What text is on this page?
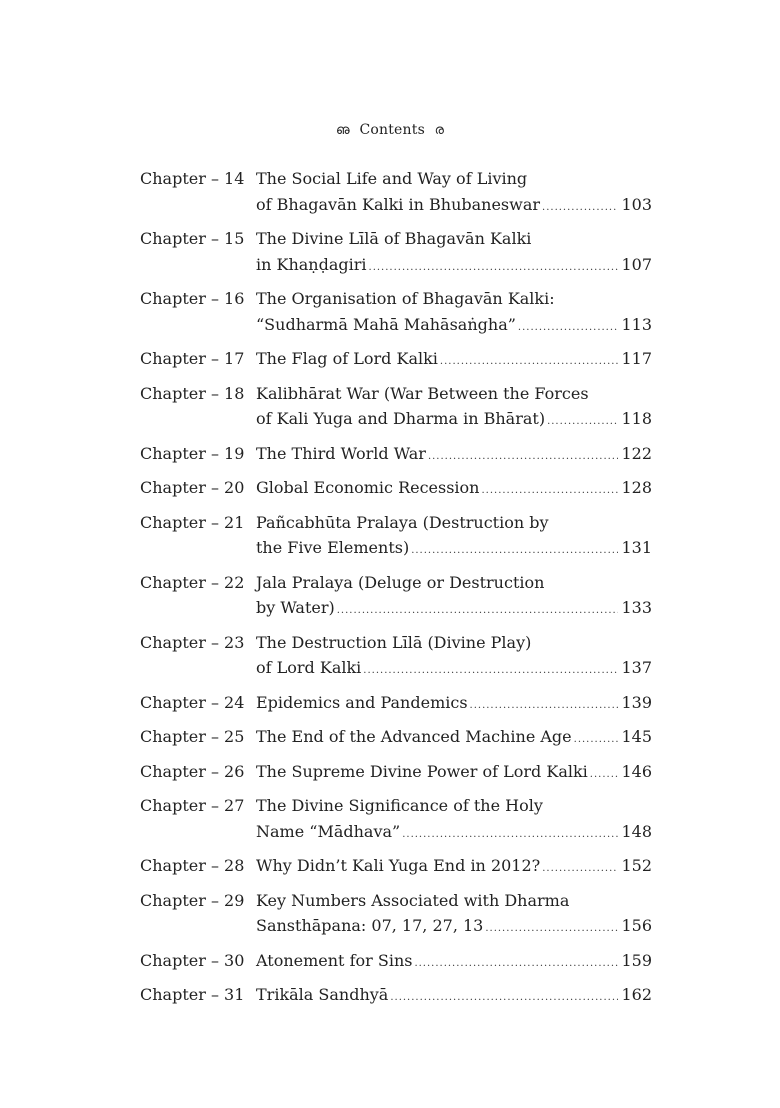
ഌ Contents ര
Chapter – 14 The Social Life and Way of Living
of Bhagavān Kalki in Bhubaneswar .....	103
Chapter – 15 The Divine Līlā of Bhagavān Kalki
in Khaṇḍagiri .....	107
Chapter – 16 The Organisation of Bhagavān Kalki:
“Sudharmā Mahā Mahāsaṅgha” .....	113
Chapter – 17 The Flag of Lord Kalki .....	117
Chapter – 18 Kalibhārat War (War Between the Forces
of Kali Yuga and Dharma in Bhārat) .....	118
Chapter – 19 The Third World War .....	122
Chapter – 20 Global Economic Recession .....	128
Chapter – 21 Pañcabhūta Pralaya (Destruction by
the Five Elements) .....	131
Chapter – 22 Jala Pralaya (Deluge or Destruction
by Water) .....	133
Chapter – 23 The Destruction Līlā (Divine Play)
of Lord Kalki .....	137
Chapter – 24 Epidemics and Pandemics .....	139
Chapter – 25 The End of the Advanced Machine Age .....	145
Chapter – 26 The Supreme Divine Power of Lord Kalki ..... 146
Chapter – 27 The Divine Significance of the Holy
Name “Mādhava” .....	148
Chapter – 28 Why Didn’t Kali Yuga End in 2012? .....	152
Chapter – 29 Key Numbers Associated with Dharma
Sansthāpana: 07, 17, 27, 13 .....	156
Chapter – 30 Atonement for Sins .....	159
Chapter – 31 Trikāla Sandhyā .....	162
